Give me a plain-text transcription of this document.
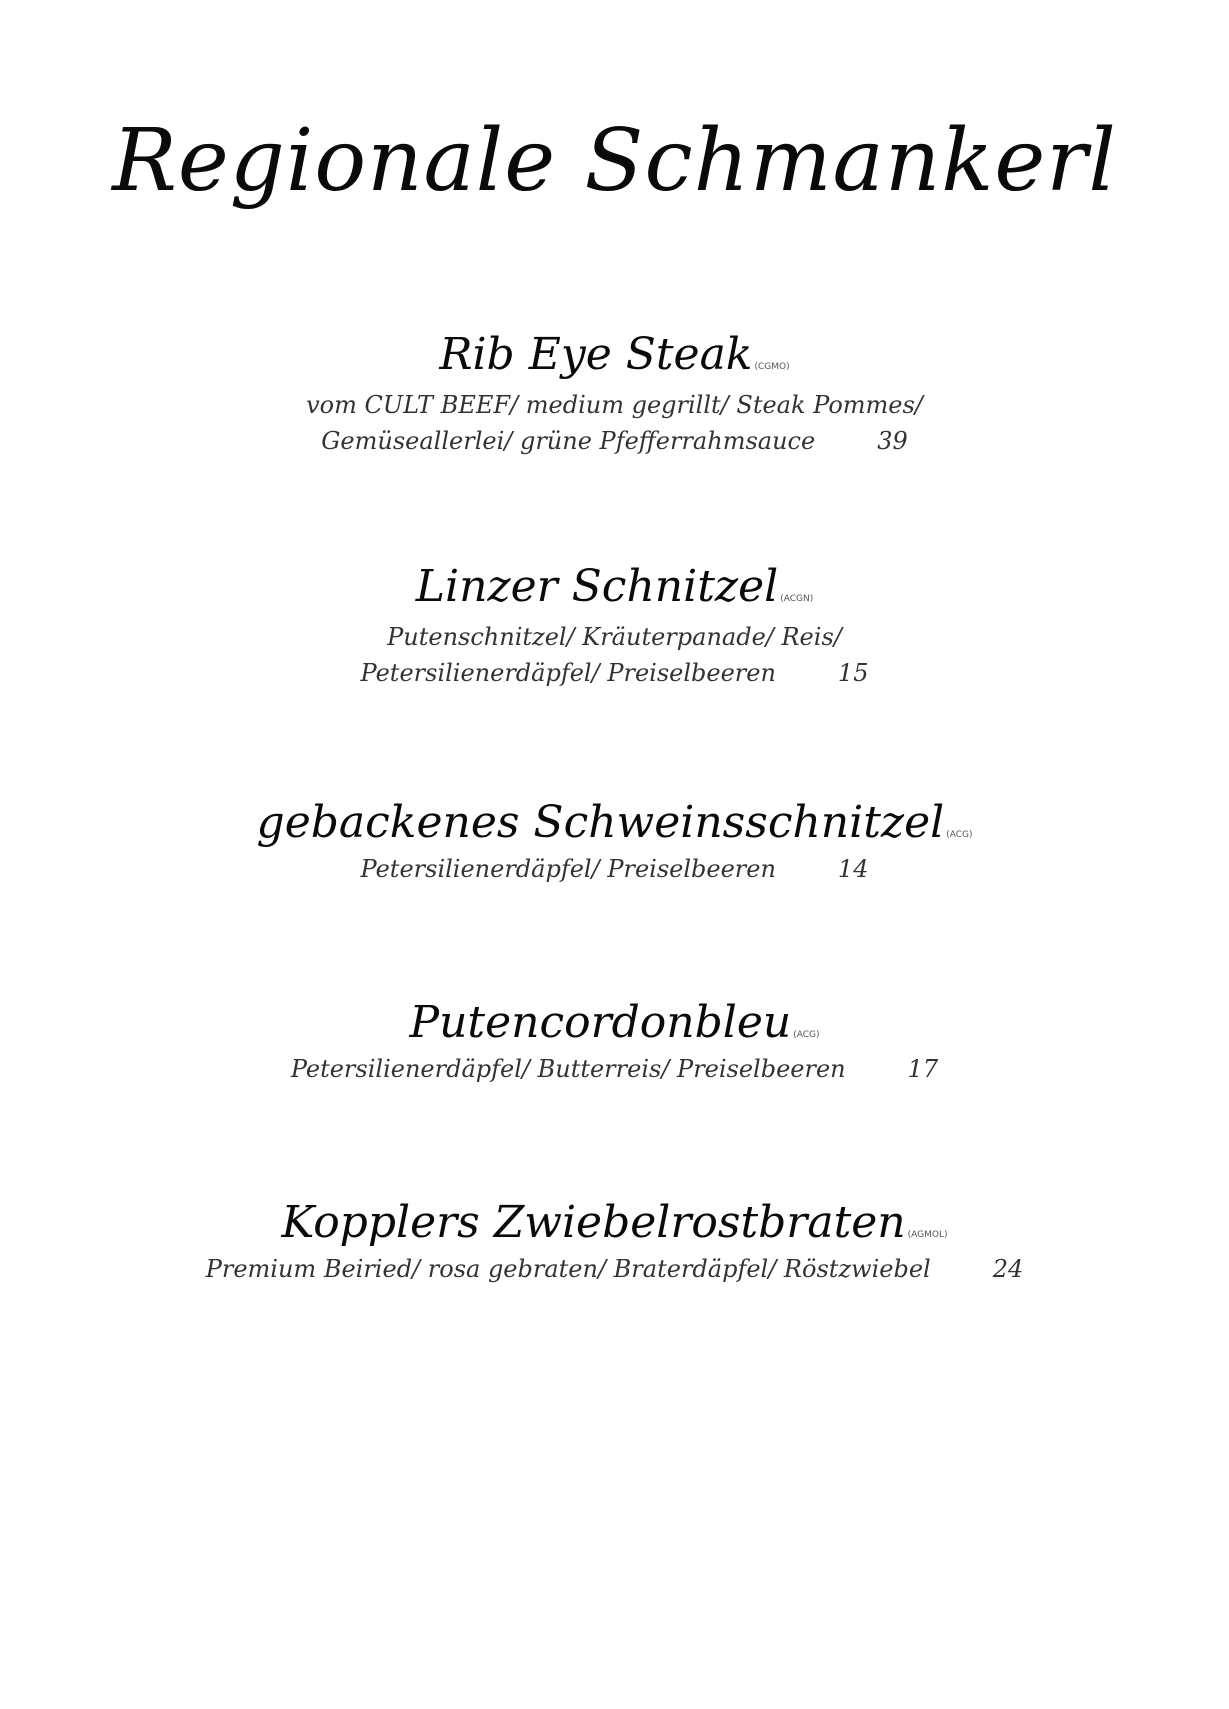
Regionale Schmankerl
Rib Eye Steak (CGMO)
vom CULT BEEF/ medium gegrillt/ Steak Pommes/
Gemüseallerlei/ grüne Pfefferrahmsauce	39
Linzer Schnitzel (ACGN)
Putenschnitzel/ Kräuterpanade/ Reis/
Petersilienerdäpfel/ Preiselbeeren	15
gebackenes Schweinsschnitzel (ACG)
Petersilienerdäpfel/ Preiselbeeren	14
Putencordonbleu (ACG)
Petersilienerdäpfel/ Butterreis/ Preiselbeeren	17
Kopplers Zwiebelrostbraten (AGMOL)
Premium Beiried/ rosa gebraten/ Braterdäpfel/ Röstzwiebel	24
